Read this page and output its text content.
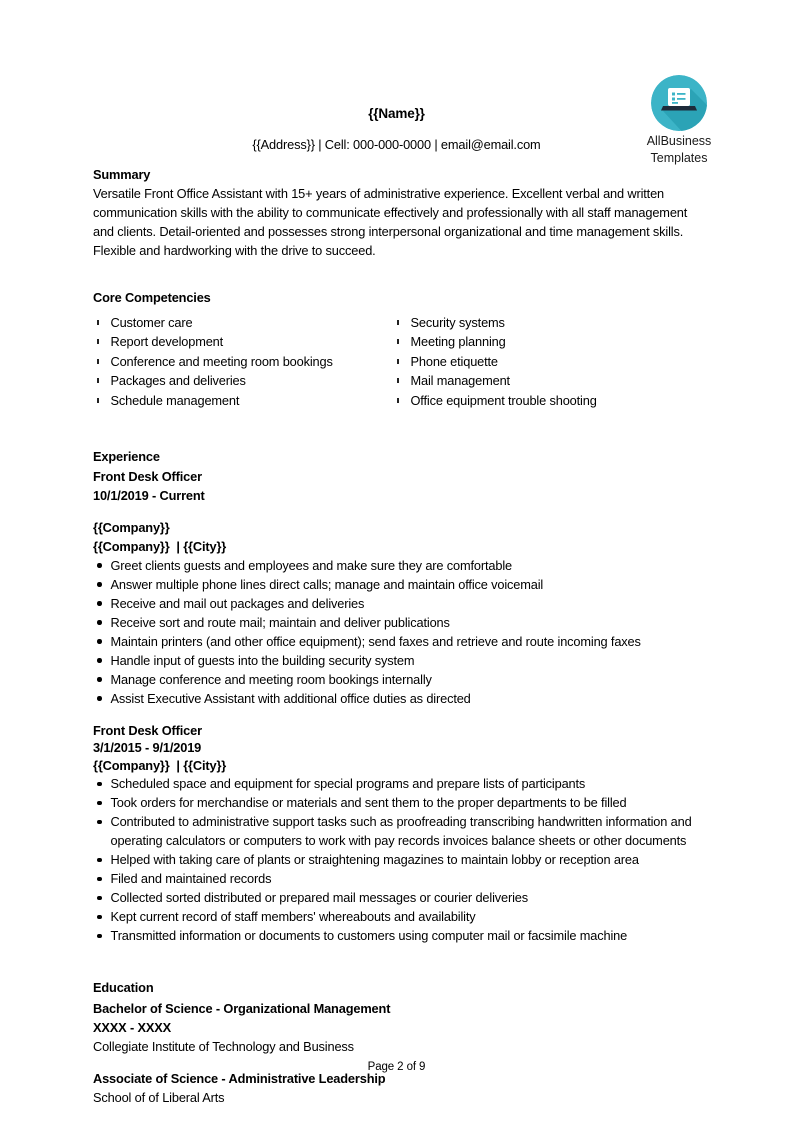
AllBusiness
Templates
{{Name}}
{{Address}} | Cell: 000-000-0000 | email@email.com
Summary
Versatile Front Office Assistant with 15+ years of administrative experience. Excellent verbal and written
communication skills with the ability to communicate effectively and professionally with all staff management
and clients. Detail-oriented and possesses strong interpersonal organizational and time management skills.
Flexible and hardworking with the drive to succeed.
Core Competencies
Customer care
Report development
Conference and meeting room bookings
Packages and deliveries
Schedule management
Security systems
Meeting planning
Phone etiquette
Mail management
Office equipment trouble shooting
Experience
Front Desk Officer
10/1/2019 - Current
{{Company}}
{{Company}}  | {{City}}
Greet clients guests and employees and make sure they are comfortable
Answer multiple phone lines direct calls; manage and maintain office voicemail
Receive and mail out packages and deliveries
Receive sort and route mail; maintain and deliver publications
Maintain printers (and other office equipment); send faxes and retrieve and route incoming faxes
Handle input of guests into the building security system
Manage conference and meeting room bookings internally
Assist Executive Assistant with additional office duties as directed
Front Desk Officer
3/1/2015 - 9/1/2019
{{Company}}  | {{City}}
Scheduled space and equipment for special programs and prepare lists of participants
Took orders for merchandise or materials and sent them to the proper departments to be filled
Contributed to administrative support tasks such as proofreading transcribing handwritten information and operating calculators or computers to work with pay records invoices balance sheets or other documents
Helped with taking care of plants or straightening magazines to maintain lobby or reception area
Filed and maintained records
Collected sorted distributed or prepared mail messages or courier deliveries
Kept current record of staff members' whereabouts and availability
Transmitted information or documents to customers using computer mail or facsimile machine
Education
Bachelor of Science - Organizational Management
XXXX - XXXX
Collegiate Institute of Technology and Business
Associate of Science - Administrative Leadership
School of of Liberal Arts
Page 2 of 9
